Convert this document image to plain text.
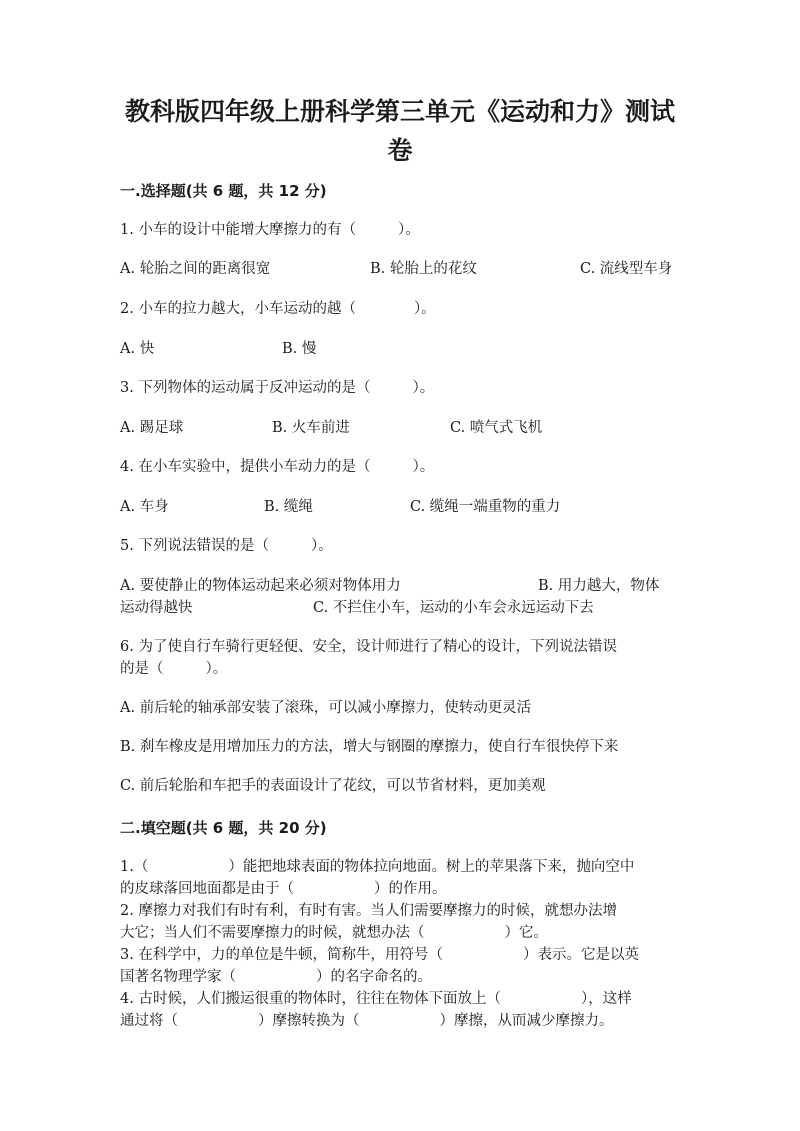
教科版四年级上册科学第三单元《运动和力》测试
卷
一.选择题(共 6 题，共 12 分)
1. 小车的设计中能增大摩擦力的有（	）。
A. 轮胎之间的距离很宽	B. 轮胎上的花纹	C. 流线型车身
2. 小车的拉力越大，小车运动的越（	）。
A. 快	B. 慢
3. 下列物体的运动属于反冲运动的是（	）。
A. 踢足球	B. 火车前进	C. 喷气式飞机
4. 在小车实验中，提供小车动力的是（	）。
A. 车身	B. 缆绳	C. 缆绳一端重物的重力
5. 下列说法错误的是（	）。
A. 要使静止的物体运动起来必须对物体用力	B. 用力越大，物体
运动得越快	C. 不拦住小车，运动的小车会永远运动下去
6. 为了使自行车骑行更轻便、安全，设计师进行了精心的设计，下列说法错误
的是（	）。
A. 前后轮的轴承部安装了滚珠，可以减小摩擦力，使转动更灵活
B. 刹车橡皮是用增加压力的方法，增大与钢圈的摩擦力，使自行车很快停下来
C. 前后轮胎和车把手的表面设计了花纹，可以节省材料，更加美观
二.填空题(共 6 题，共 20 分)
1.（	）能把地球表面的物体拉向地面。树上的苹果落下来，抛向空中
的皮球落回地面都是由于（	）的作用。
2. 摩擦力对我们有时有利，有时有害。当人们需要摩擦力的时候，就想办法增
大它；当人们不需要摩擦力的时候，就想办法（	）它。
3. 在科学中，力的单位是牛顿，简称牛，用符号（	）表示。它是以英
国著名物理学家（	）的名字命名的。
4. 古时候，人们搬运很重的物体时，往往在物体下面放上（	），这样
通过将（	）摩擦转换为（	）摩擦，从而减少摩擦力。
